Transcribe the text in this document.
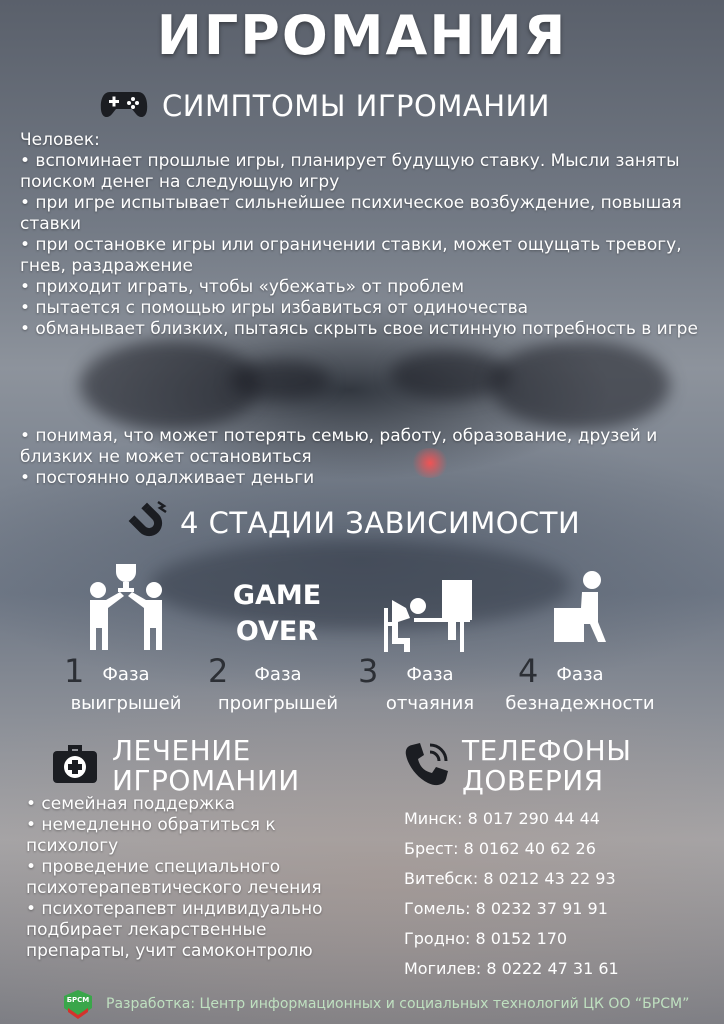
ИГРОМАНИЯ
СИМПТОМЫ ИГРОМАНИИ
Человек:
• вспоминает прошлые игры, планирует будущую ставку. Мысли заняты поиском денег на следующую игру
• при игре испытывает сильнейшее психическое возбуждение, повышая ставки
• при остановке игры или ограничении ставки, может ощущать тревогу, гнев, раздражение
• приходит играть, чтобы «убежать» от проблем
• пытается с помощью игры избавиться от одиночества
• обманывает близких, пытаясь скрыть свое истинную потребность в игре
• понимая, что может потерять семью, работу, образование, друзей и близких не может остановиться
• постоянно одалживает деньги
4 СТАДИИ ЗАВИСИМОСТИ
GAME
OVER
1	Фаза
выигрышей
2	Фаза
проигрышей
3	Фаза
отчаяния
4	Фаза
безнадежности
ЛЕЧЕНИЕ
ИГРОМАНИИ
• семейная поддержка
• немедленно обратиться к психологу
• проведение специального психотерапевтического лечения
• психотерапевт индивидуально подбирает лекарственные препараты, учит самоконтролю
ТЕЛЕФОНЫ
ДОВЕРИЯ
Минск: 8 017 290 44 44
Брест: 8 0162 40 62 26
Витебск: 8 0212 43 22 93
Гомель: 8 0232 37 91 91
Гродно: 8 0152 170
Могилев: 8 0222 47 31 61
БРСМ	Разработка: Центр информационных и социальных технологий ЦК ОО “БРСМ”
